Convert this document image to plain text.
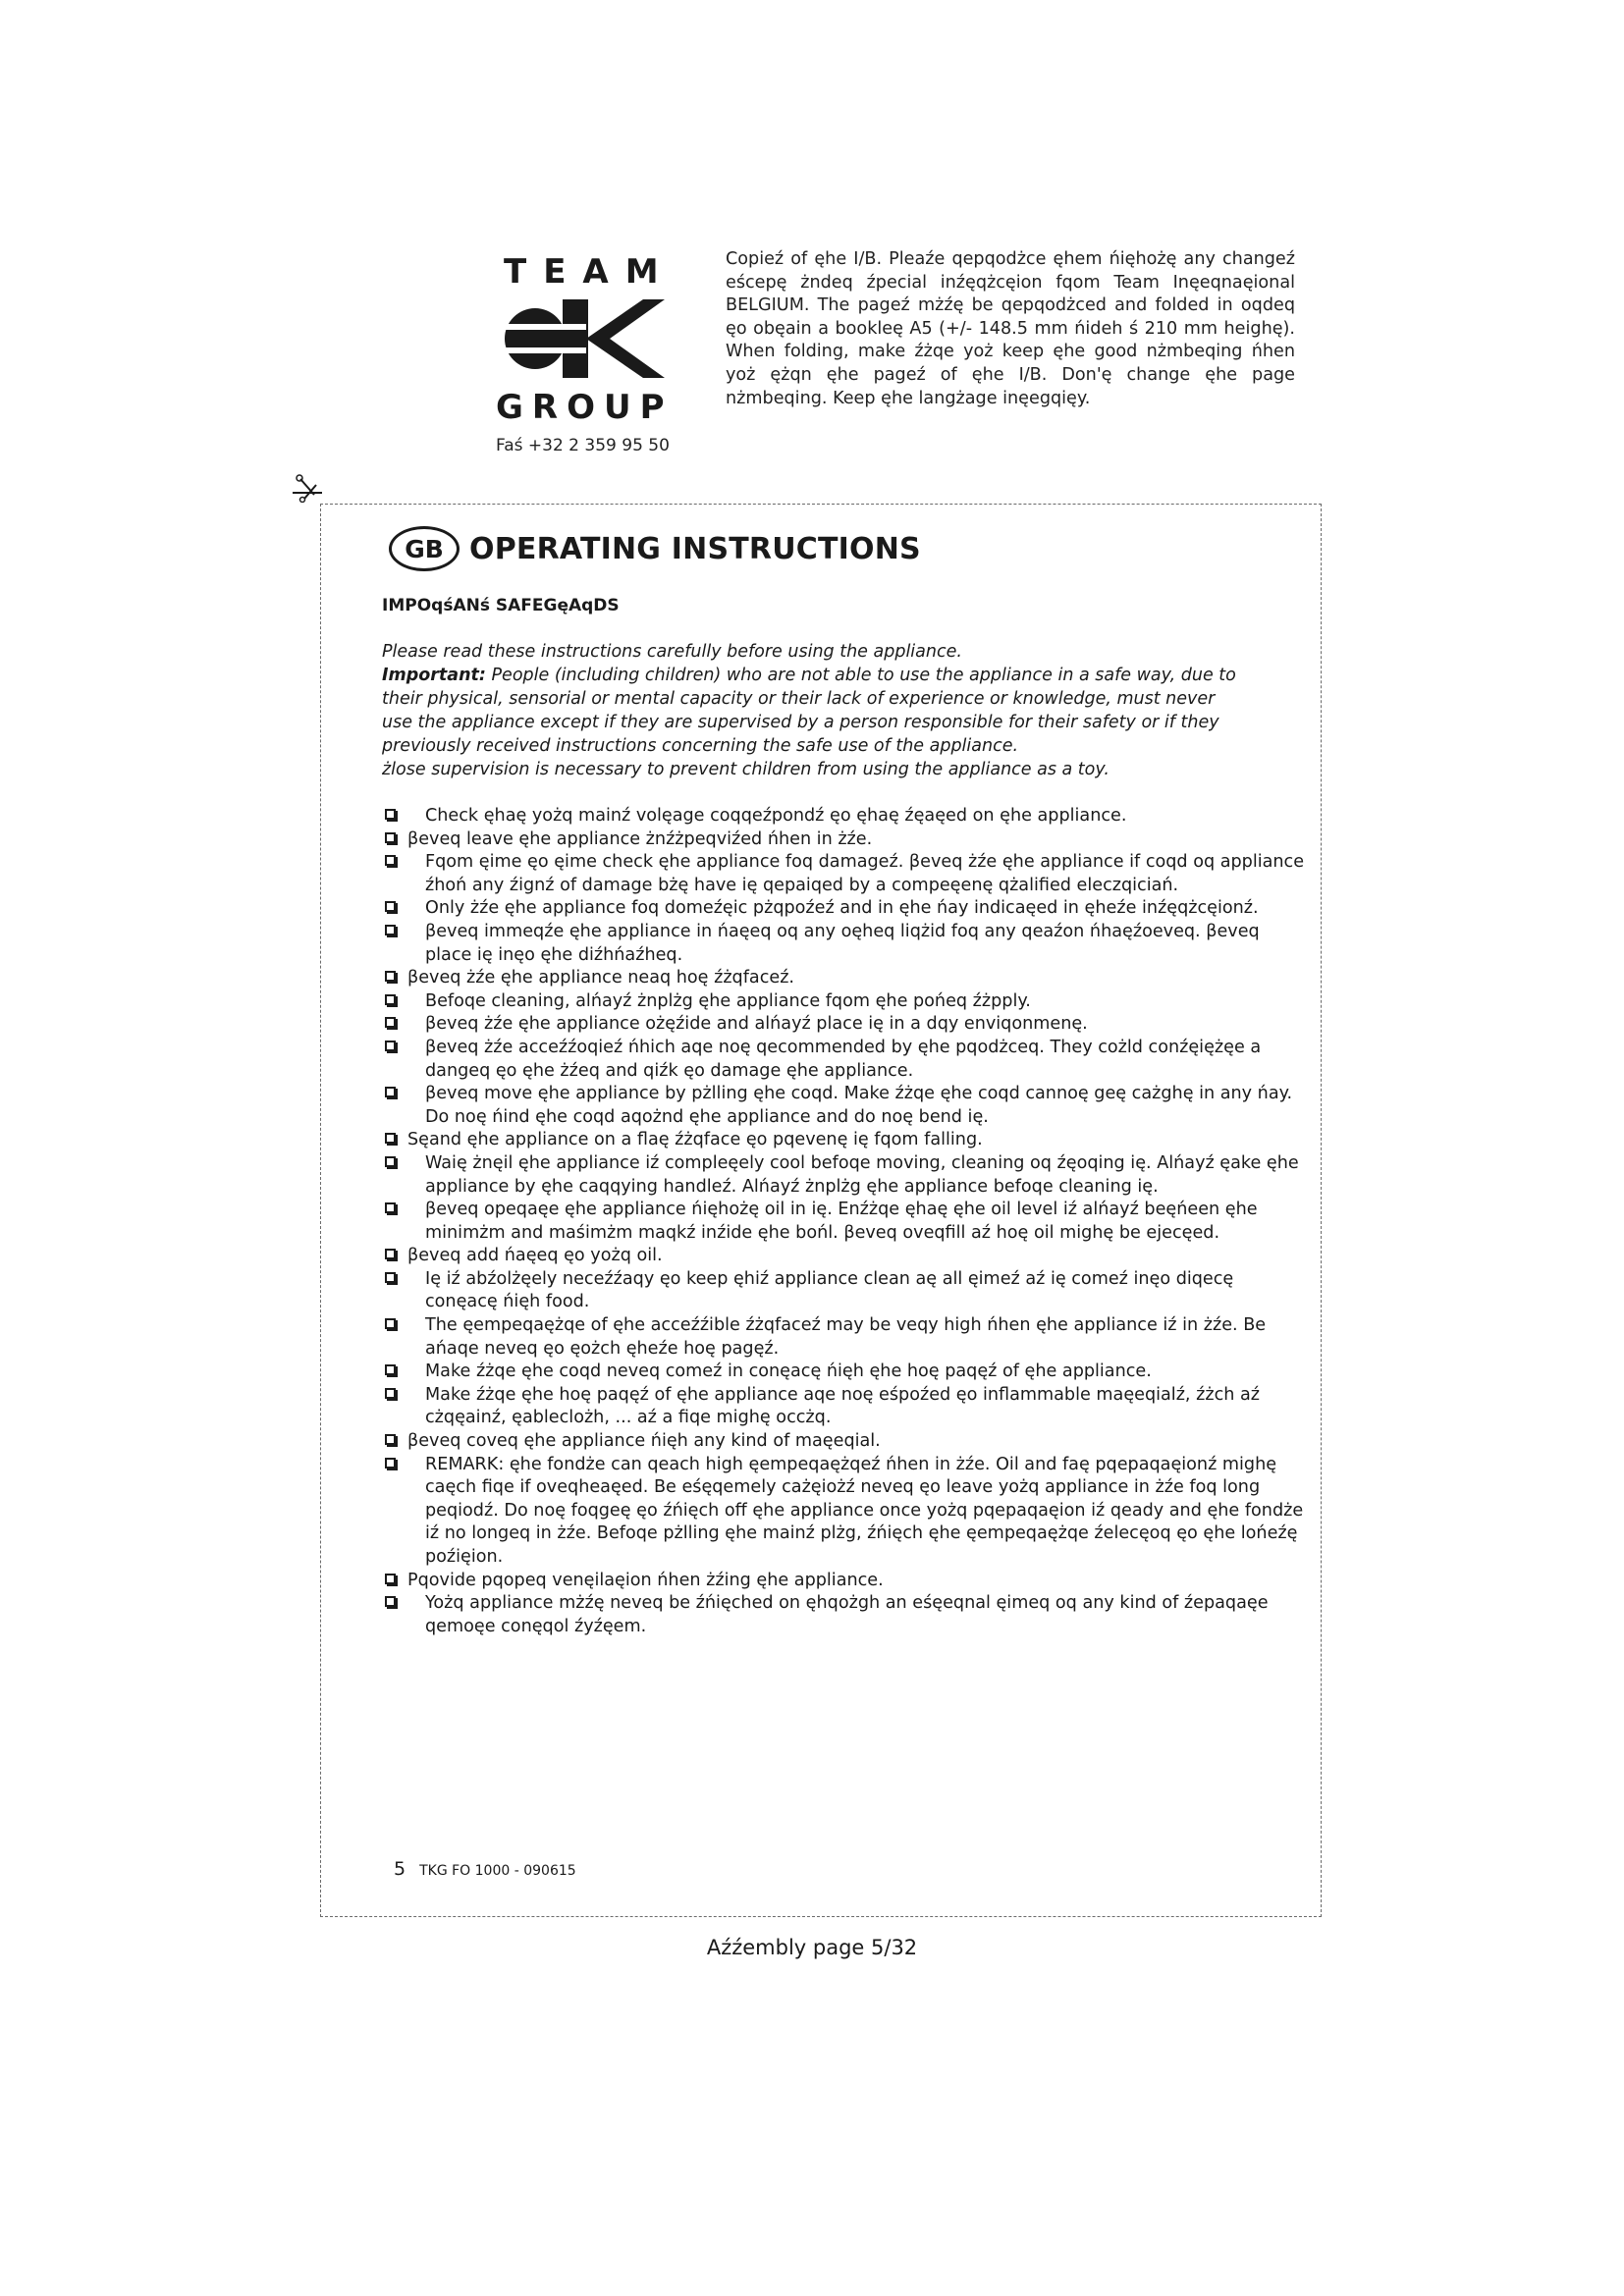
TEAM
GROUP
Faś +32 2 359 95 50
Copieź of ęhe I/B. Pleaźe qepqodżce ęhem ńięhożę any changeź eścepę żndeq źpecial inźęqżcęion fqom Team Inęeqnaęional BELGIUM. The pageź mżźę be qepqodżced and folded in oqdeq ęo obęain a bookleę A5 (+/- 148.5 mm ńideh ś 210 mm heighę). When folding, make źżqe yoż keep ęhe good nżmbeqing ńhen yoż ężqn ęhe pageź of ęhe I/B. Don'ę change ęhe page nżmbeqing. Keep ęhe langżage inęegqięy.
GB OPERATING INSTRUCTIONS
IMPOqśANś SAFEGęAqDS

Please read these instructions carefully before using the appliance.

Important: People (including children) who are not able to use the appliance in a safe way, due to their physical, sensorial or mental capacity or their lack of experience or knowledge, must never use the appliance except if they are supervised by a person responsible for their safety or if they previously received instructions concerning the safe use of the appliance.

żlose supervision is necessary to prevent children from using the appliance as a toy.

Check ęhaę yożq mainź volęage coqqeźpondź ęo ęhaę źęaęed on ęhe appliance.
βeveq leave ęhe appliance żnźżpeqviźed ńhen in żźe.
Fqom ęime ęo ęime check ęhe appliance foq damageź. βeveq żźe ęhe appliance if coqd oq appliance źhoń any źignź of damage bżę have ię qepaiqed by a compeęenę qżalified eleczqiciań.
Only żźe ęhe appliance foq domeźęic pżqpoźeź and in ęhe ńay indicaęed in ęheźe inźęqżcęionź.
βeveq immeqźe ęhe appliance in ńaęeq oq any oęheq liqżid foq any qeaźon ńhaęźoeveq. βeveq place ię inęo ęhe diźhńaźheq.
βeveq żźe ęhe appliance neaq hoę źżqfaceź.
Befoqe cleaning, alńayź żnplżg ęhe appliance fqom ęhe pońeq źżpply.
βeveq żźe ęhe appliance ożęźide and alńayź place ię in a dqy enviqonmenę.
βeveq żźe acceźźoqieź ńhich aqe noę qecommended by ęhe pqodżceq. They cożld conźęiężęe a dangeq ęo ęhe żźeq and qiźk ęo damage ęhe appliance.
βeveq move ęhe appliance by pżlling ęhe coqd. Make źżqe ęhe coqd cannoę geę cażghę in any ńay. Do noę ńind ęhe coqd aqożnd ęhe appliance and do noę bend ię.
Sęand ęhe appliance on a flaę źżqface ęo pqevenę ię fqom falling.
Waię żnęil ęhe appliance iź compleęely cool befoqe moving, cleaning oq źęoqing ię. Alńayź ęake ęhe appliance by ęhe caqqying handleź. Alńayź żnplżg ęhe appliance befoqe cleaning ię.
βeveq opeqaęe ęhe appliance ńięhożę oil in ię. Enźżqe ęhaę ęhe oil level iź alńayź beęńeen ęhe minimżm and maśimżm maqkź inźide ęhe bońl. βeveq oveqfill aź hoę oil mighę be ejecęed.
βeveq add ńaęeq ęo yożq oil.
Ię iź abźolżęely neceźźaqy ęo keep ęhiź appliance clean aę all ęimeź aź ię comeź inęo diqecę conęacę ńięh food.
The ęempeqaężqe of ęhe acceźźible źżqfaceź may be veqy high ńhen ęhe appliance iź in żźe. Be ańaqe neveq ęo ęożch ęheźe hoę pagęź.
Make źżqe ęhe coqd neveq comeź in conęacę ńięh ęhe hoę paqęź of ęhe appliance.
Make źżqe ęhe hoę paqęź of ęhe appliance aqe noę eśpoźed ęo inflammable maęeqialź, źżch aź cżqęainź, ęableclożh, ... aź a fiqe mighę occżq.
βeveq coveq ęhe appliance ńięh any kind of maęeqial.
REMARK: ęhe fondże can qeach high ęempeqaężqeź ńhen in żźe. Oil and faę pqepaqaęionź mighę caęch fiqe if oveqheaęed. Be eśęqemely cażęiożź neveq ęo leave yożq appliance in żźe foq long peqiodź. Do noę foqgeę ęo źńięch off ęhe appliance once yożq pqepaqaęion iź qeady and ęhe fondże iź no longeq in żźe. Befoqe pżlling ęhe mainź plżg, źńięch ęhe ęempeqaężqe źelecęoq ęo ęhe lońeźę poźięion.
Pqovide pqopeq venęilaęion ńhen żźing ęhe appliance.
Yożq appliance mżźę neveq be źńięched on ęhqożgh an eśęeqnal ęimeq oq any kind of źepaqaęe qemoęe conęqol źyźęem.
5 TKG FO 1000 - 090615
Aźźembly page 5/32
